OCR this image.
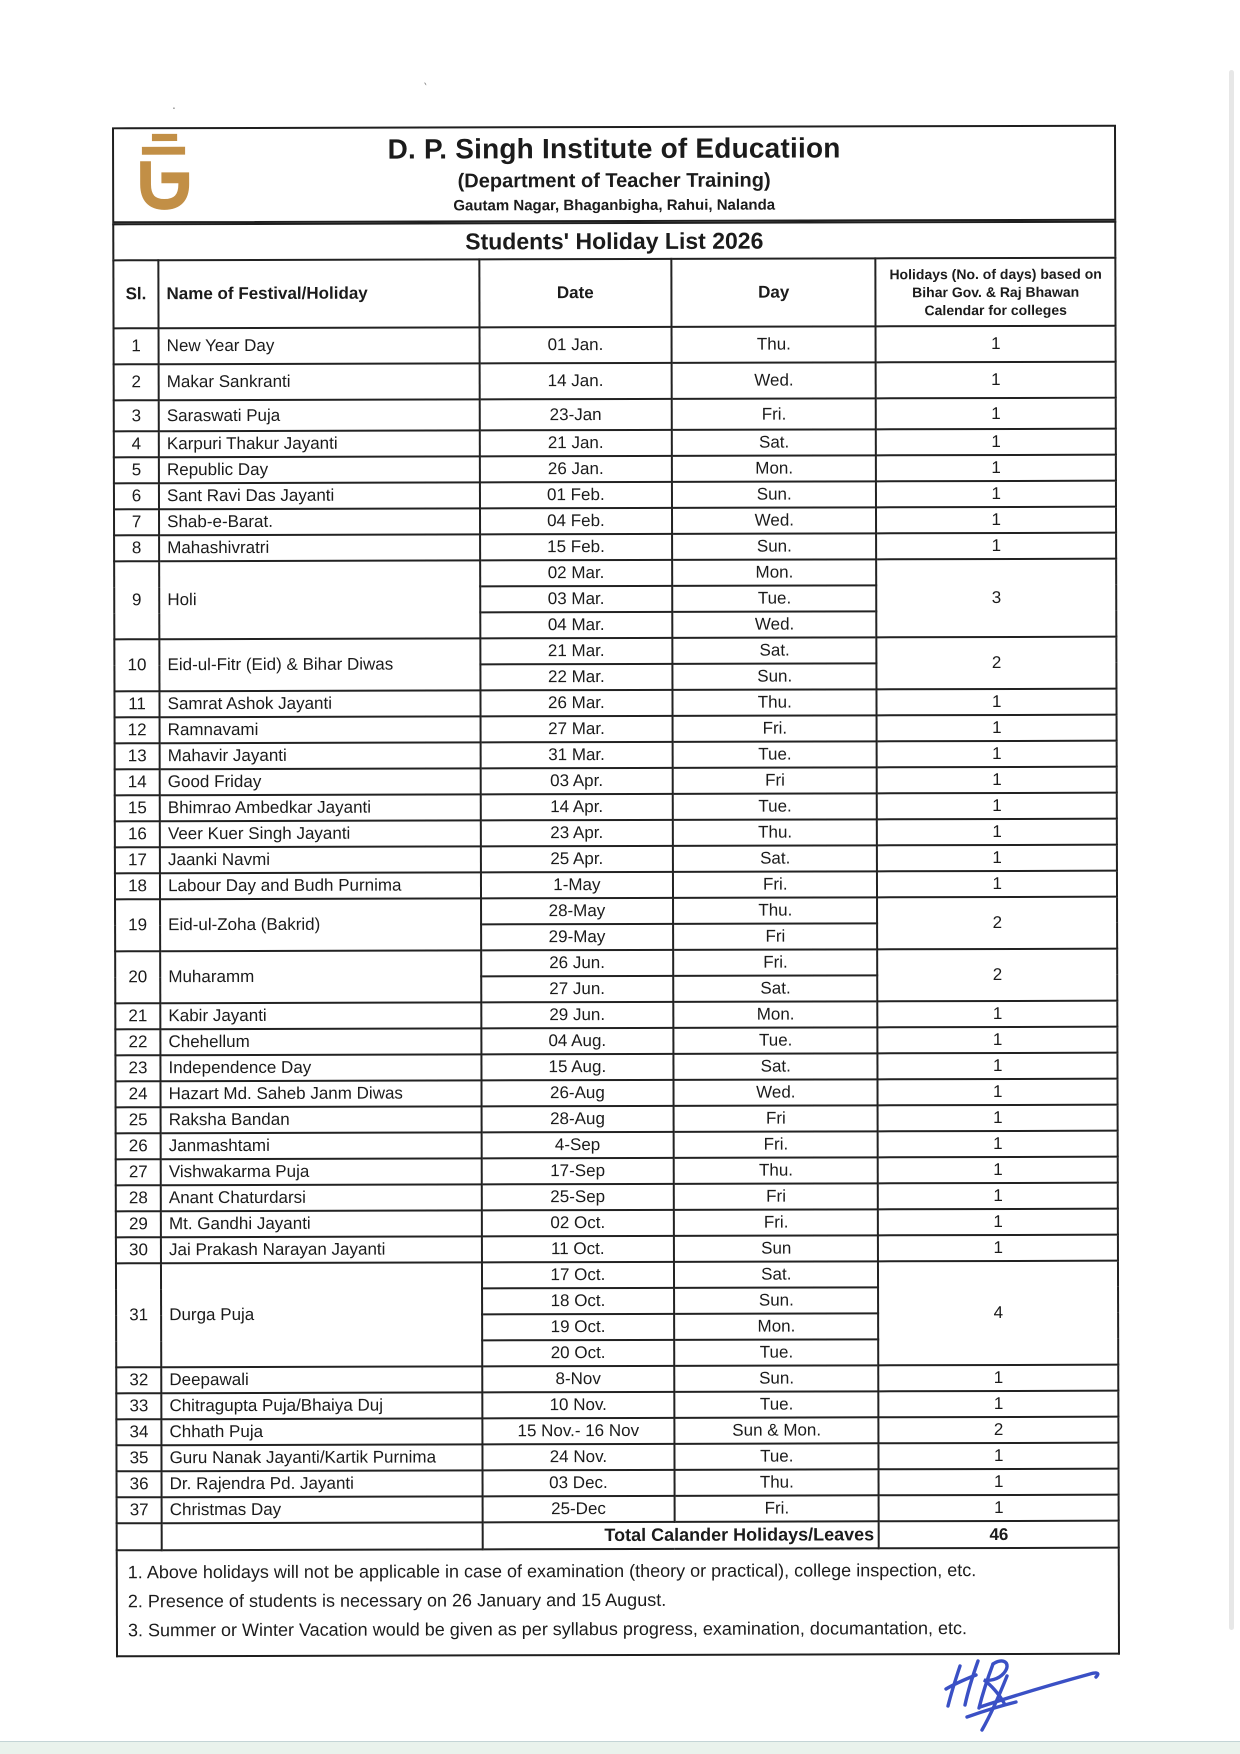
.
`
D. P. Singh Institute of Educatiion
(Department of Teacher Training)
Gautam Nagar, Bhaganbigha, Rahui, Nalanda
Students' Holiday List 2026
Sl.	Name of Festival/Holiday	Date	Day	Holidays (No. of days) based on Bihar Gov. & Raj Bhawan Calendar for colleges
1	New Year Day	01 Jan.	Thu.	1
2	Makar Sankranti	14 Jan.	Wed.	1
3	Saraswati Puja	23-Jan	Fri.	1
4	Karpuri Thakur Jayanti	21 Jan.	Sat.	1
5	Republic Day	26 Jan.	Mon.	1
6	Sant Ravi Das Jayanti	01 Feb.	Sun.	1
7	Shab-e-Barat.	04 Feb.	Wed.	1
8	Mahashivratri	15 Feb.	Sun.	1
9	Holi	02 Mar.	Mon.	3
		03 Mar.	Tue.	
		04 Mar.	Wed.	
10	Eid-ul-Fitr (Eid) & Bihar Diwas	21 Mar.	Sat.	2
		22 Mar.	Sun.	
11	Samrat Ashok Jayanti	26 Mar.	Thu.	1
12	Ramnavami	27 Mar.	Fri.	1
13	Mahavir Jayanti	31 Mar.	Tue.	1
14	Good Friday	03 Apr.	Fri	1
15	Bhimrao Ambedkar Jayanti	14 Apr.	Tue.	1
16	Veer Kuer Singh Jayanti	23 Apr.	Thu.	1
17	Jaanki Navmi	25 Apr.	Sat.	1
18	Labour Day and Budh Purnima	1-May	Fri.	1
19	Eid-ul-Zoha (Bakrid)	28-May	Thu.	2
		29-May	Fri	
20	Muharamm	26 Jun.	Fri.	2
		27 Jun.	Sat.	
21	Kabir Jayanti	29 Jun.	Mon.	1
22	Chehellum	04 Aug.	Tue.	1
23	Independence Day	15 Aug.	Sat.	1
24	Hazart Md. Saheb Janm Diwas	26-Aug	Wed.	1
25	Raksha Bandan	28-Aug	Fri	1
26	Janmashtami	4-Sep	Fri.	1
27	Vishwakarma Puja	17-Sep	Thu.	1
28	Anant Chaturdarsi	25-Sep	Fri	1
29	Mt. Gandhi Jayanti	02 Oct.	Fri.	1
30	Jai Prakash Narayan Jayanti	11 Oct.	Sun	1
31	Durga Puja	17 Oct.	Sat.	4
		18 Oct.	Sun.	
		19 Oct.	Mon.	
		20 Oct.	Tue.	
32	Deepawali	8-Nov	Sun.	1
33	Chitragupta Puja/Bhaiya Duj	10 Nov.	Tue.	1
34	Chhath Puja	15 Nov.- 16 Nov	Sun & Mon.	2
35	Guru Nanak Jayanti/Kartik Purnima	24 Nov.	Tue.	1
36	Dr. Rajendra Pd. Jayanti	03 Dec.	Thu.	1
37	Christmas Day	25-Dec	Fri.	1
		Total Calander Holidays/Leaves		46
1. Above holidays will not be applicable in case of examination (theory or practical), college inspection, etc.
2. Presence of students is necessary on 26 January and 15 August.
3. Summer or Winter Vacation would be given as per syllabus progress, examination, documantation, etc.
